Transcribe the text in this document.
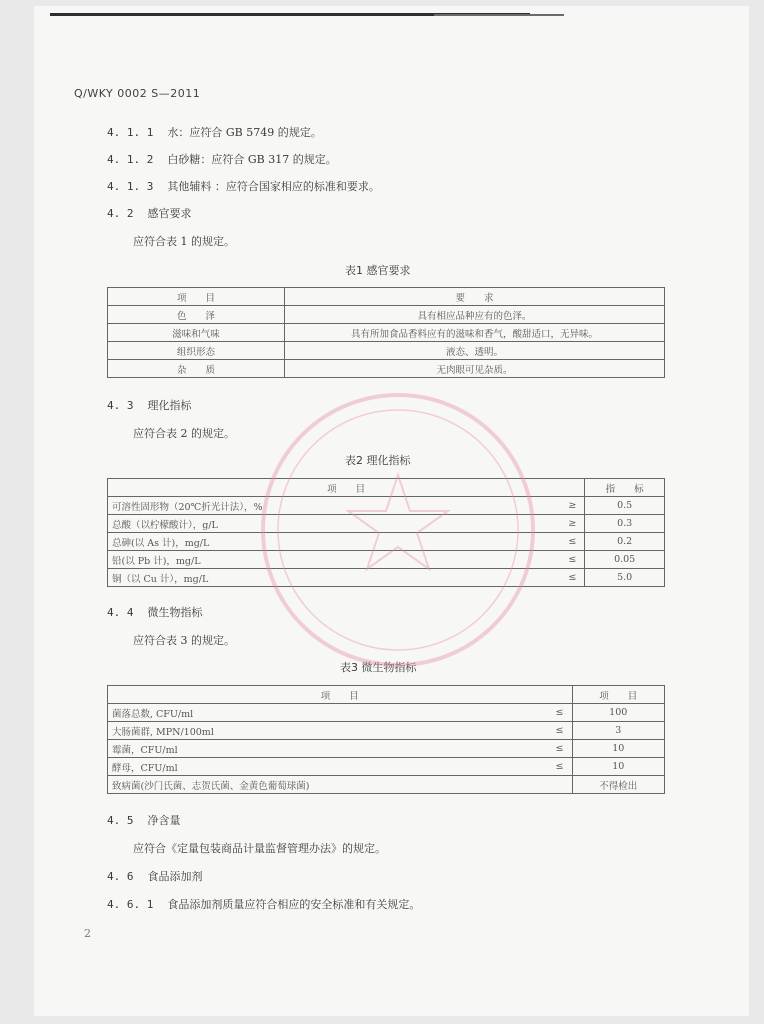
Q/WKY 0002 S—2011
4. 1. 1 水：应符合 GB 5749 的规定。
4. 1. 2 白砂糖：应符合 GB 317 的规定。
4. 1. 3 其他辅料 ：应符合国家相应的标准和要求。
4. 2 感官要求
应符合表 1 的规定。
表1 感官要求
项　　目	要　　求
色　　泽	具有相应品种应有的色泽。
滋味和气味	具有所加食品香料应有的滋味和香气，酸甜适口，无异味。
组织形态	液态、透明。
杂　　质	无肉眼可见杂质。
4. 3 理化指标
应符合表 2 的规定。
表2 理化指标
项　　目		指　　标
可溶性固形物（20℃折光计法），%	≥	0.5
总酸（以柠檬酸计），g/L	≥	0.3
总砷(以 As 计)，mg/L	≤	0.2
铅(以 Pb 计)，mg/L	≤	0.05
铜（以 Cu 计），mg/L	≤	5.0
4. 4 微生物指标
应符合表 3 的规定。
表3 微生物指标
项　　目		项　　目
菌落总数, CFU/ml	≤	100
大肠菌群, MPN/100ml	≤	3
霉菌，CFU/ml	≤	10
酵母，CFU/ml	≤	10
致病菌(沙门氏菌、志贺氏菌、金黄色葡萄球菌)		不得检出
4. 5 净含量
应符合《定量包装商品计量监督管理办法》的规定。
4. 6 食品添加剂
4. 6. 1 食品添加剂质量应符合相应的安全标准和有关规定。
2
